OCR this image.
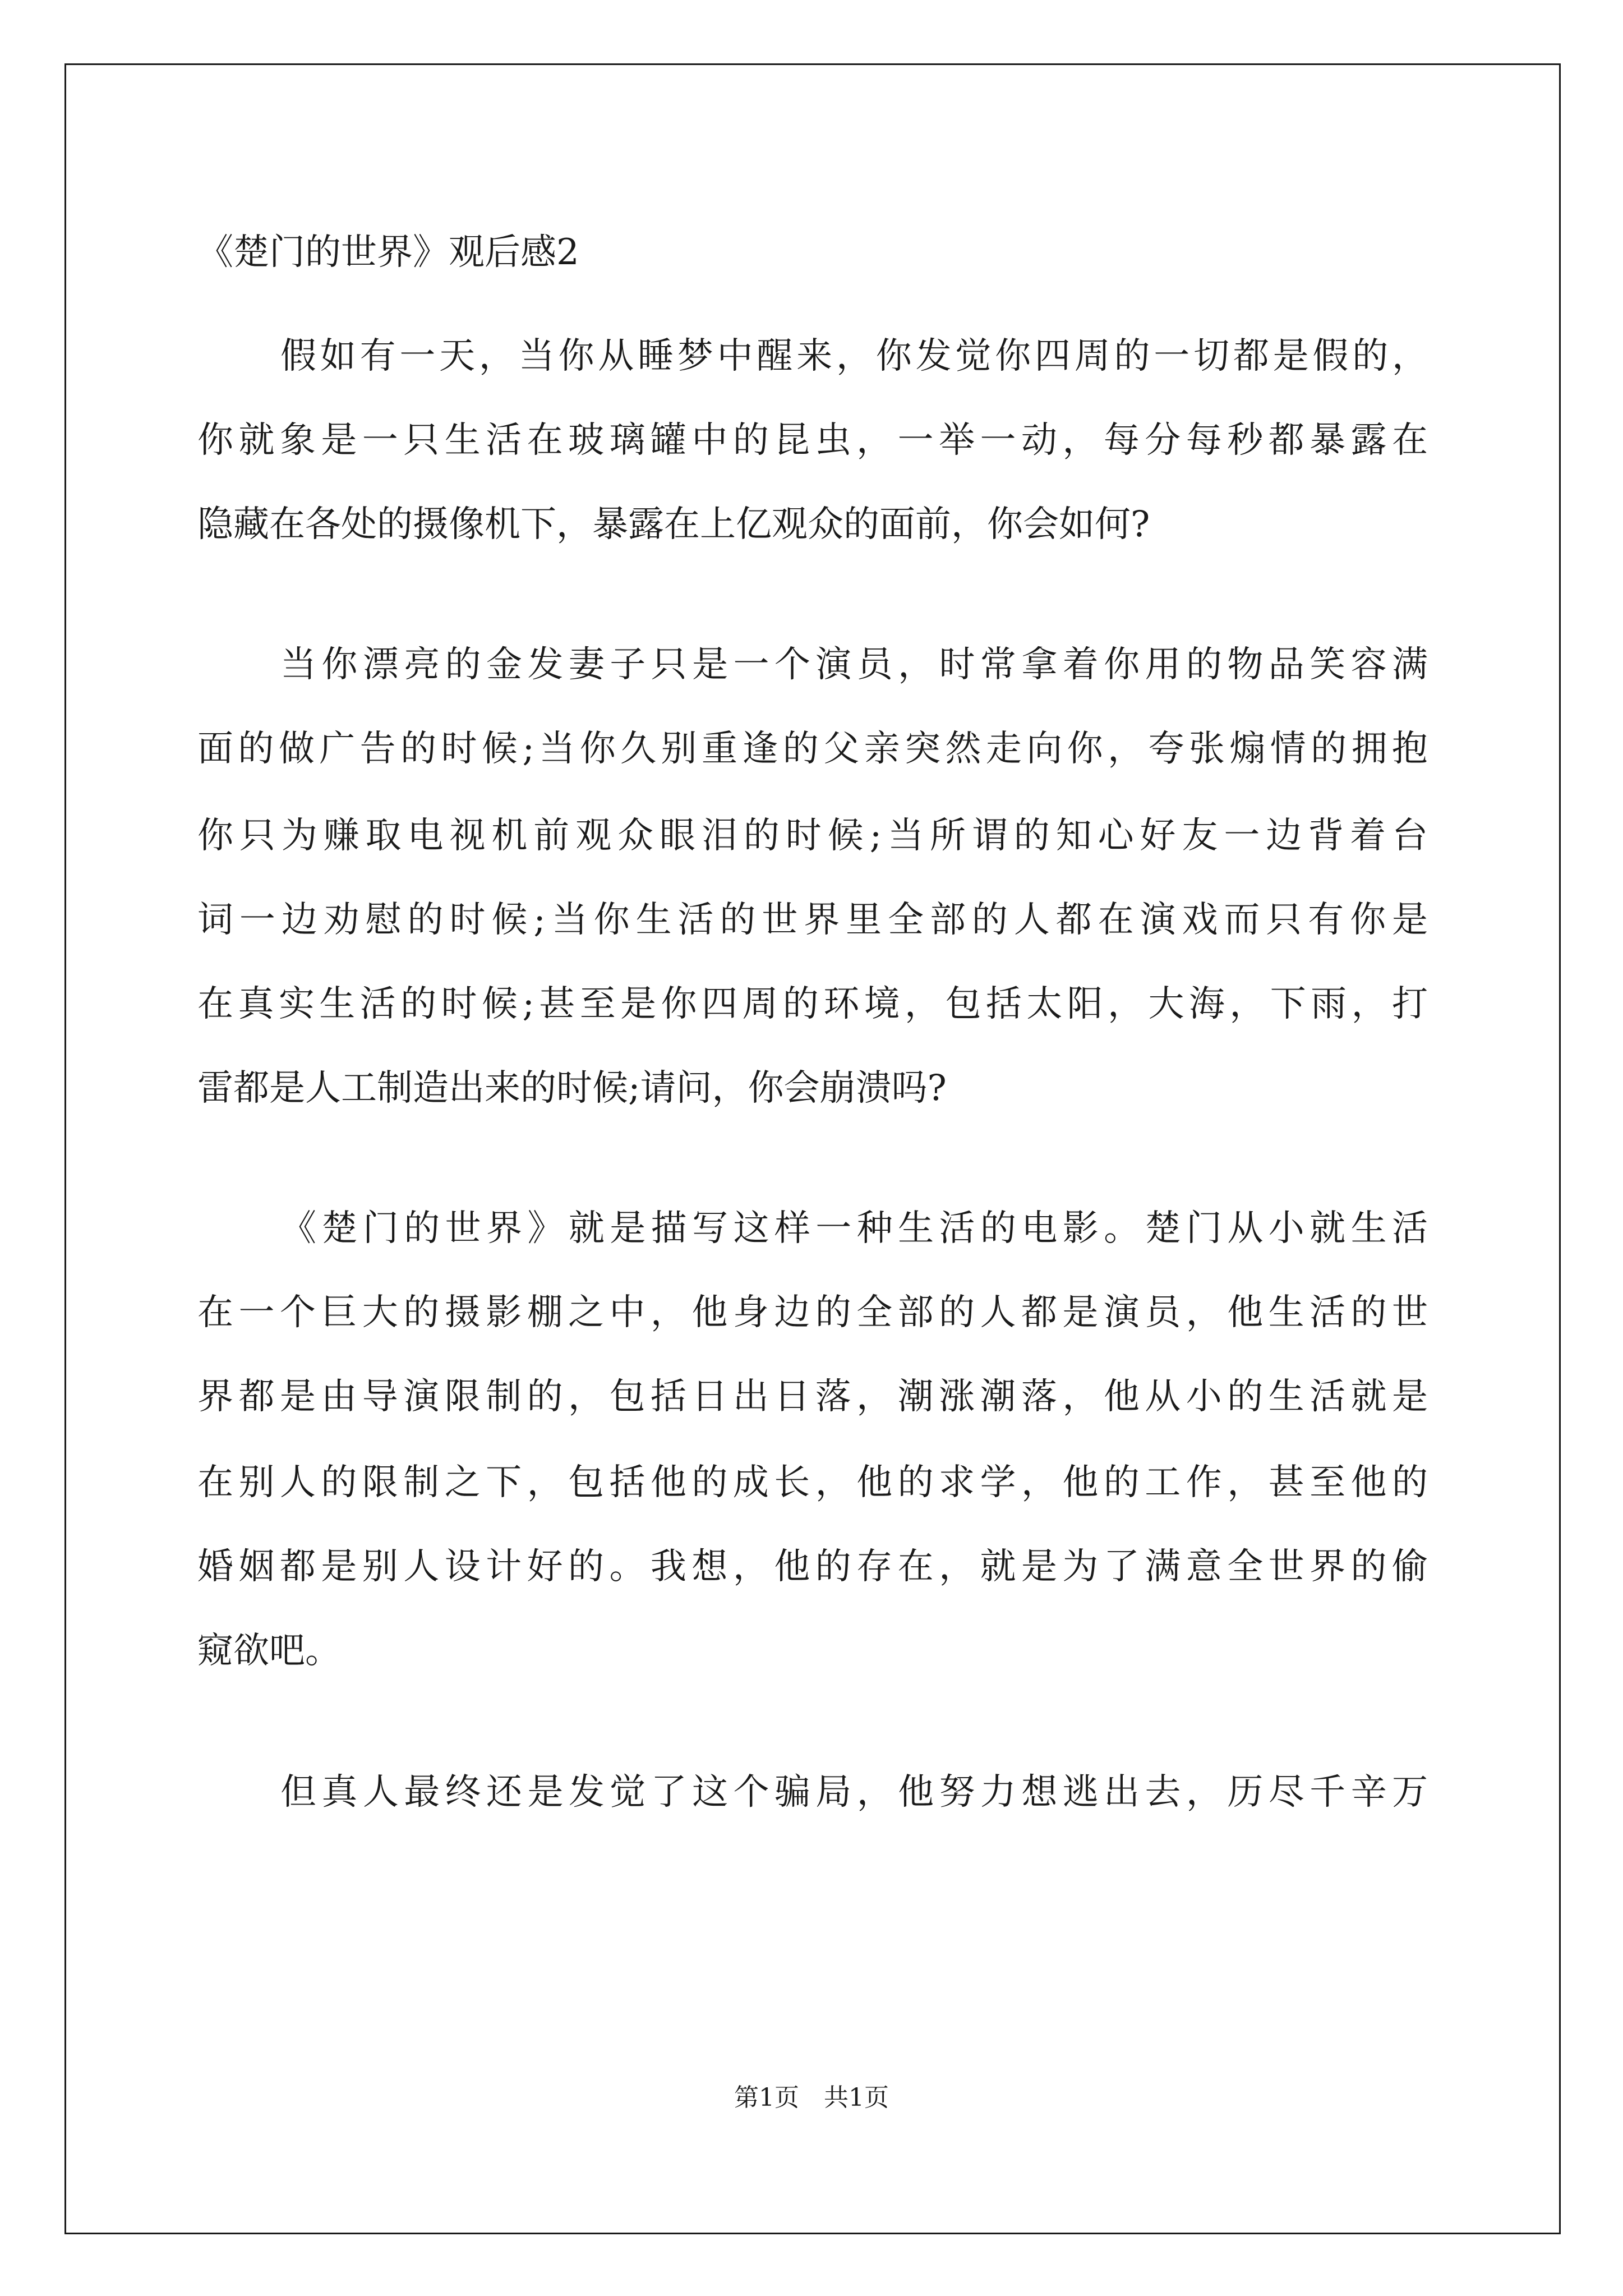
《楚门的世界》观后感2

假如有一天，当你从睡梦中醒来，你发觉你四周的一切都是假的，

你就象是一只生活在玻璃罐中的昆虫，一举一动，每分每秒都暴露在

隐藏在各处的摄像机下，暴露在上亿观众的面前，你会如何?

当你漂亮的金发妻子只是一个演员，时常拿着你用的物品笑容满

面的做广告的时候;当你久别重逢的父亲突然走向你，夸张煽情的拥抱

你只为赚取电视机前观众眼泪的时候;当所谓的知心好友一边背着台

词一边劝慰的时候;当你生活的世界里全部的人都在演戏而只有你是

在真实生活的时候;甚至是你四周的环境，包括太阳，大海，下雨，打

雷都是人工制造出来的时候;请问，你会崩溃吗?

《楚门的世界》就是描写这样一种生活的电影。楚门从小就生活

在一个巨大的摄影棚之中，他身边的全部的人都是演员，他生活的世

界都是由导演限制的，包括日出日落，潮涨潮落，他从小的生活就是

在别人的限制之下，包括他的成长，他的求学，他的工作，甚至他的

婚姻都是别人设计好的。我想，他的存在，就是为了满意全世界的偷

窥欲吧。

但真人最终还是发觉了这个骗局，他努力想逃出去，历尽千辛万

第1页　共1页
